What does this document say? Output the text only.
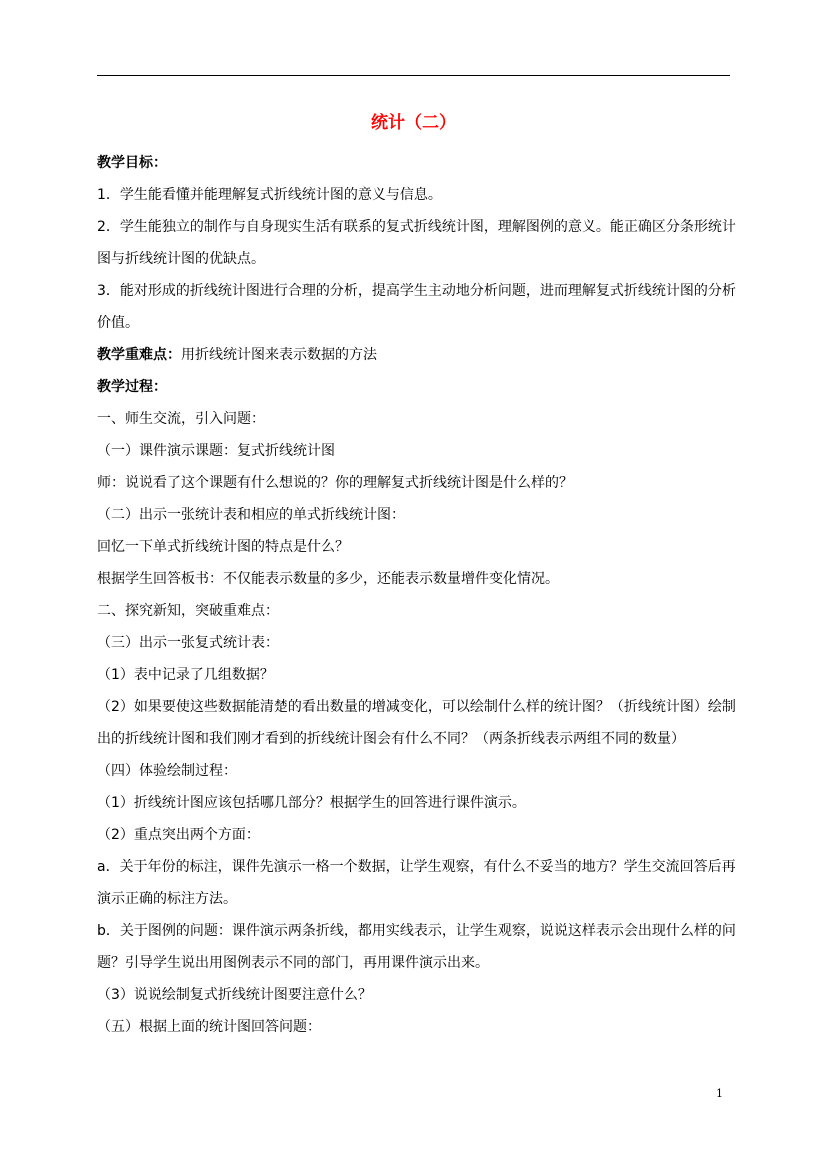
统计（二）

教学目标：

1．学生能看懂并能理解复式折线统计图的意义与信息。

2．学生能独立的制作与自身现实生活有联系的复式折线统计图，理解图例的意义。能正确区分条形统计图与折线统计图的优缺点。

3．能对形成的折线统计图进行合理的分析，提高学生主动地分析问题，进而理解复式折线统计图的分析价值。

教学重难点：用折线统计图来表示数据的方法

教学过程：

一、师生交流，引入问题：

（一）课件演示课题：复式折线统计图

师：说说看了这个课题有什么想说的？你的理解复式折线统计图是什么样的？

（二）出示一张统计表和相应的单式折线统计图：

回忆一下单式折线统计图的特点是什么？

根据学生回答板书：不仅能表示数量的多少，还能表示数量增件变化情况。

二、探究新知，突破重难点：

（三）出示一张复式统计表：

（1）表中记录了几组数据？

（2）如果要使这些数据能清楚的看出数量的增减变化，可以绘制什么样的统计图？（折线统计图）绘制出的折线统计图和我们刚才看到的折线统计图会有什么不同？（两条折线表示两组不同的数量）

（四）体验绘制过程：

（1）折线统计图应该包括哪几部分？根据学生的回答进行课件演示。

（2）重点突出两个方面：

a．关于年份的标注，课件先演示一格一个数据，让学生观察，有什么不妥当的地方？学生交流回答后再演示正确的标注方法。

b．关于图例的问题：课件演示两条折线，都用实线表示，让学生观察，说说这样表示会出现什么样的问题？引导学生说出用图例表示不同的部门，再用课件演示出来。

（3）说说绘制复式折线统计图要注意什么？

（五）根据上面的统计图回答问题：

1
